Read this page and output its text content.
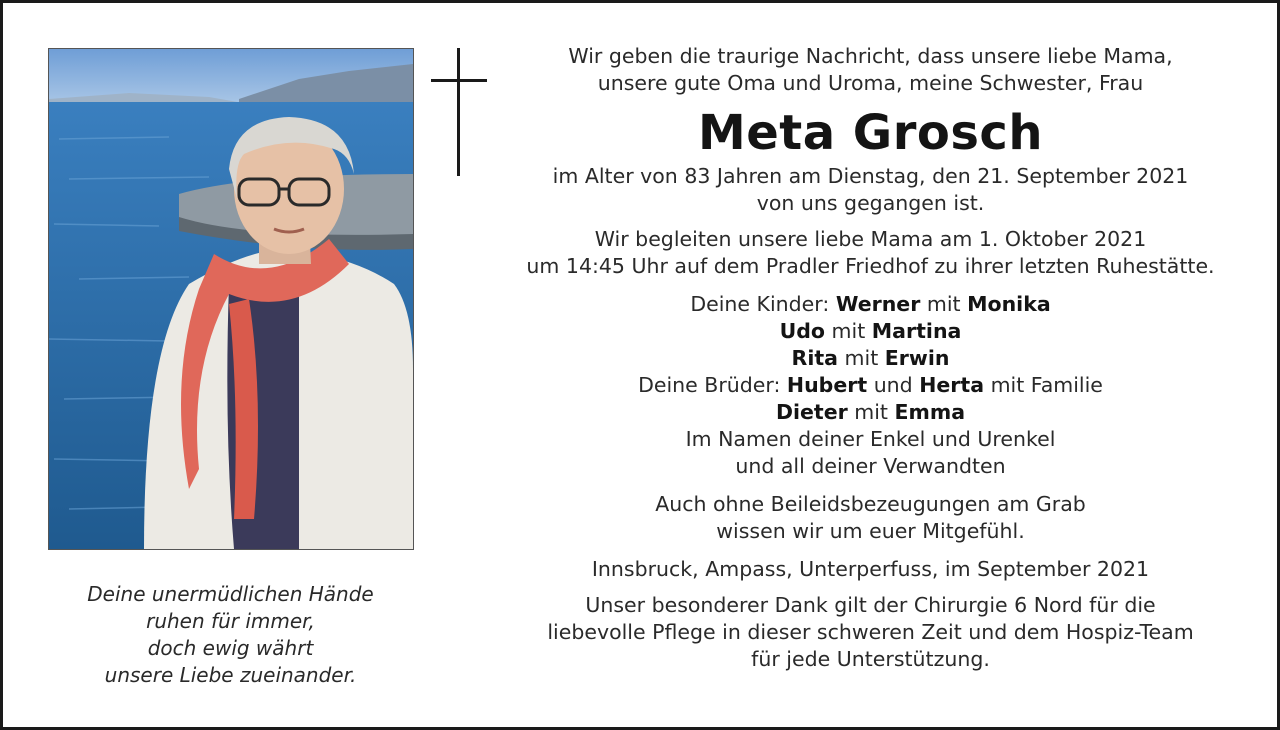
Deine unermüdlichen Hände
ruhen für immer,
doch ewig währt
unsere Liebe zueinander.
Wir geben die traurige Nachricht, dass unsere liebe Mama,
unsere gute Oma und Uroma, meine Schwester, Frau
Meta Grosch
im Alter von 83 Jahren am Dienstag, den 21. September 2021
von uns gegangen ist.
Wir begleiten unsere liebe Mama am 1. Oktober 2021
um 14:45 Uhr auf dem Pradler Friedhof zu ihrer letzten Ruhestätte.
Deine Kinder: Werner mit Monika
Udo mit Martina
Rita mit Erwin
Deine Brüder: Hubert und Herta mit Familie
Dieter mit Emma
Im Namen deiner Enkel und Urenkel
und all deiner Verwandten
Auch ohne Beileidsbezeugungen am Grab
wissen wir um euer Mitgefühl.
Innsbruck, Ampass, Unterperfuss, im September 2021
Unser besonderer Dank gilt der Chirurgie 6 Nord für die
liebevolle Pflege in dieser schweren Zeit und dem Hospiz-Team
für jede Unterstützung.
